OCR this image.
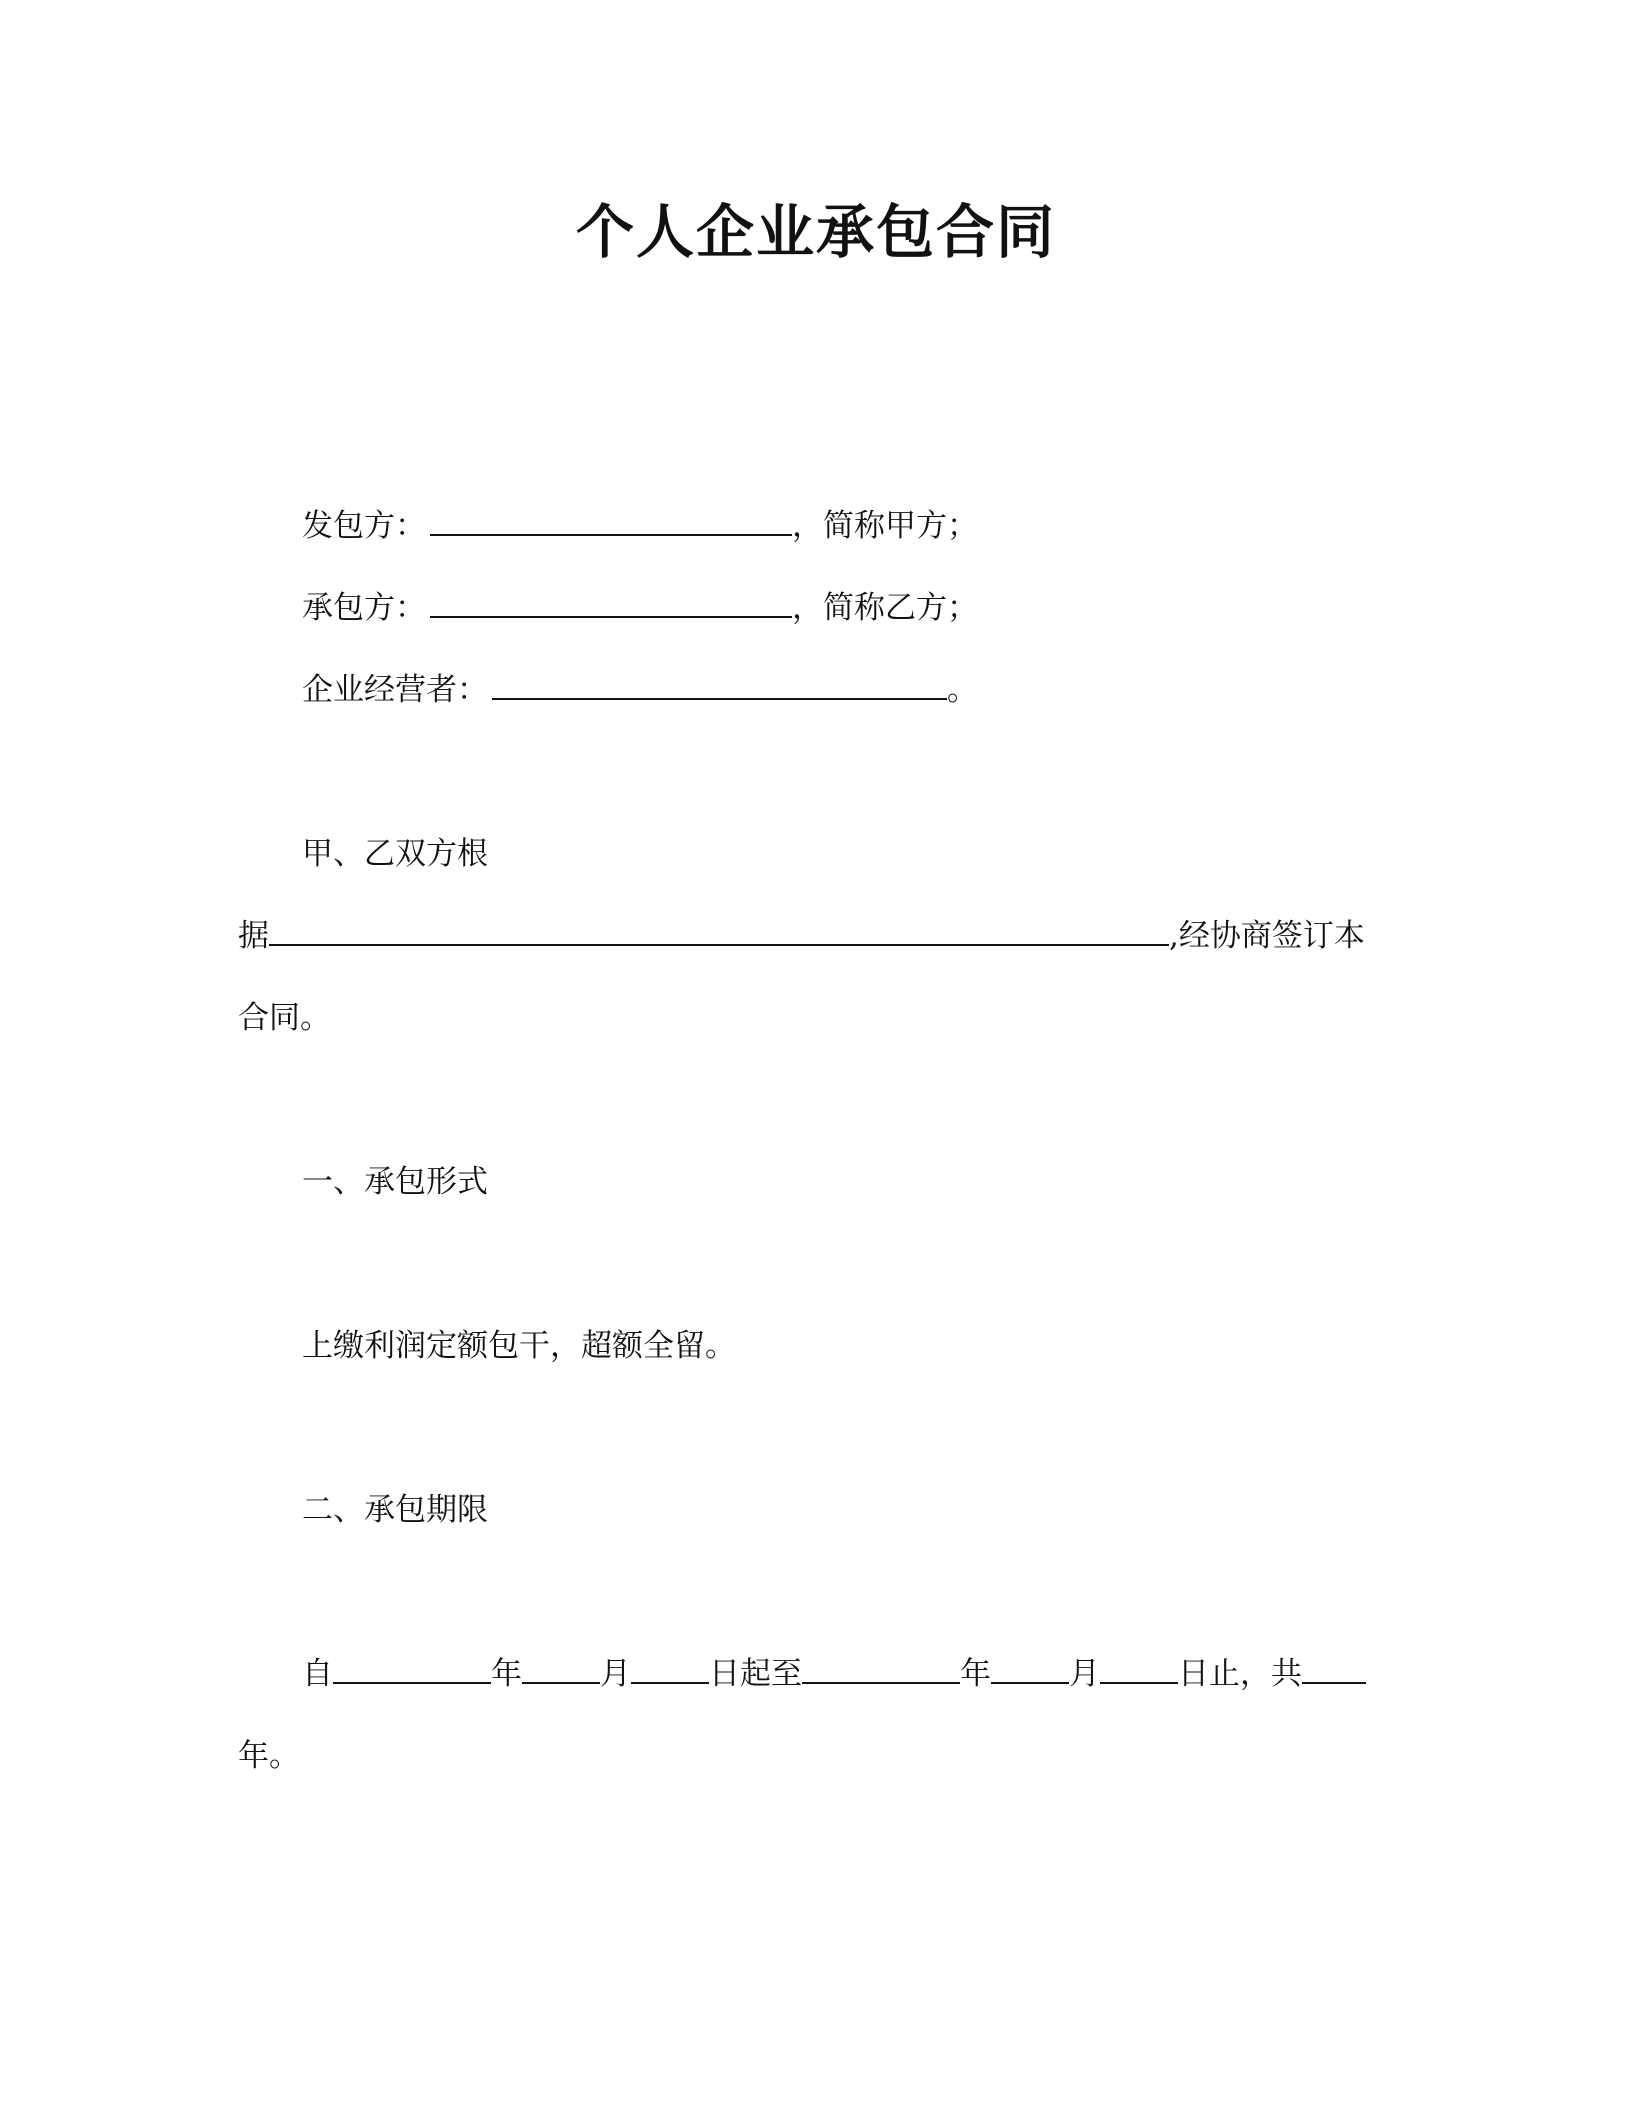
个人企业承包合同
发包方：	，简称甲方；
承包方：	，简称乙方；
企业经营者：	。
甲、乙双方根
据	,经协商签订本
合同。
一、承包形式
上缴利润定额包干，超额全留。
二、承包期限
自	年	月	日起至	年	月	日止，共
年。
